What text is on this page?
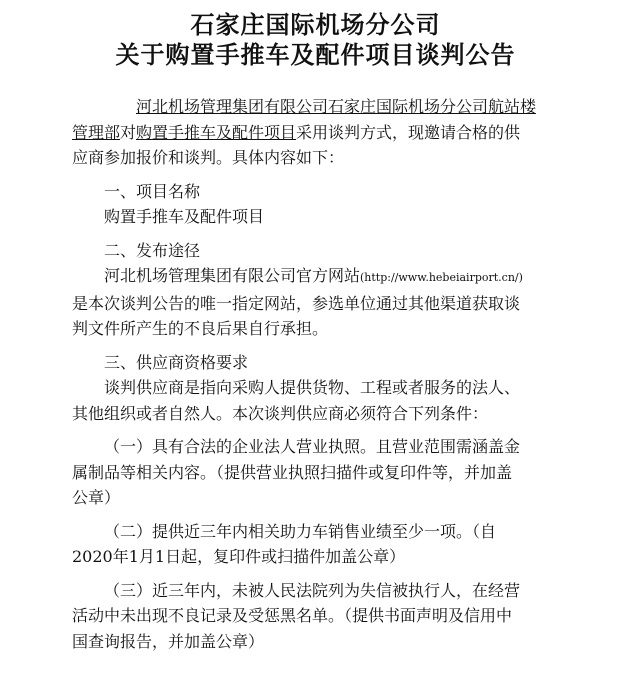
石家庄国际机场分公司
关于购置手推车及配件项目谈判公告

河北机场管理集团有限公司石家庄国际机场分公司航站楼

管理部对购置手推车及配件项目采用谈判方式，现邀请合格的供

应商参加报价和谈判。具体内容如下：

一、项目名称

购置手推车及配件项目

二、发布途径

河北机场管理集团有限公司官方网站(http://www.hebeiairport.cn/)

是本次谈判公告的唯一指定网站，参选单位通过其他渠道获取谈

判文件所产生的不良后果自行承担。

三、供应商资格要求

谈判供应商是指向采购人提供货物、工程或者服务的法人、

其他组织或者自然人。本次谈判供应商必须符合下列条件：

（一）具有合法的企业法人营业执照。且营业范围需涵盖金

属制品等相关内容。（提供营业执照扫描件或复印件等，并加盖

公章）

（二）提供近三年内相关助力车销售业绩至少一项。（自

2020年1月1日起，复印件或扫描件加盖公章）

（三）近三年内，未被人民法院列为失信被执行人，在经营

活动中未出现不良记录及受惩黑名单。（提供书面声明及信用中

国查询报告，并加盖公章）
